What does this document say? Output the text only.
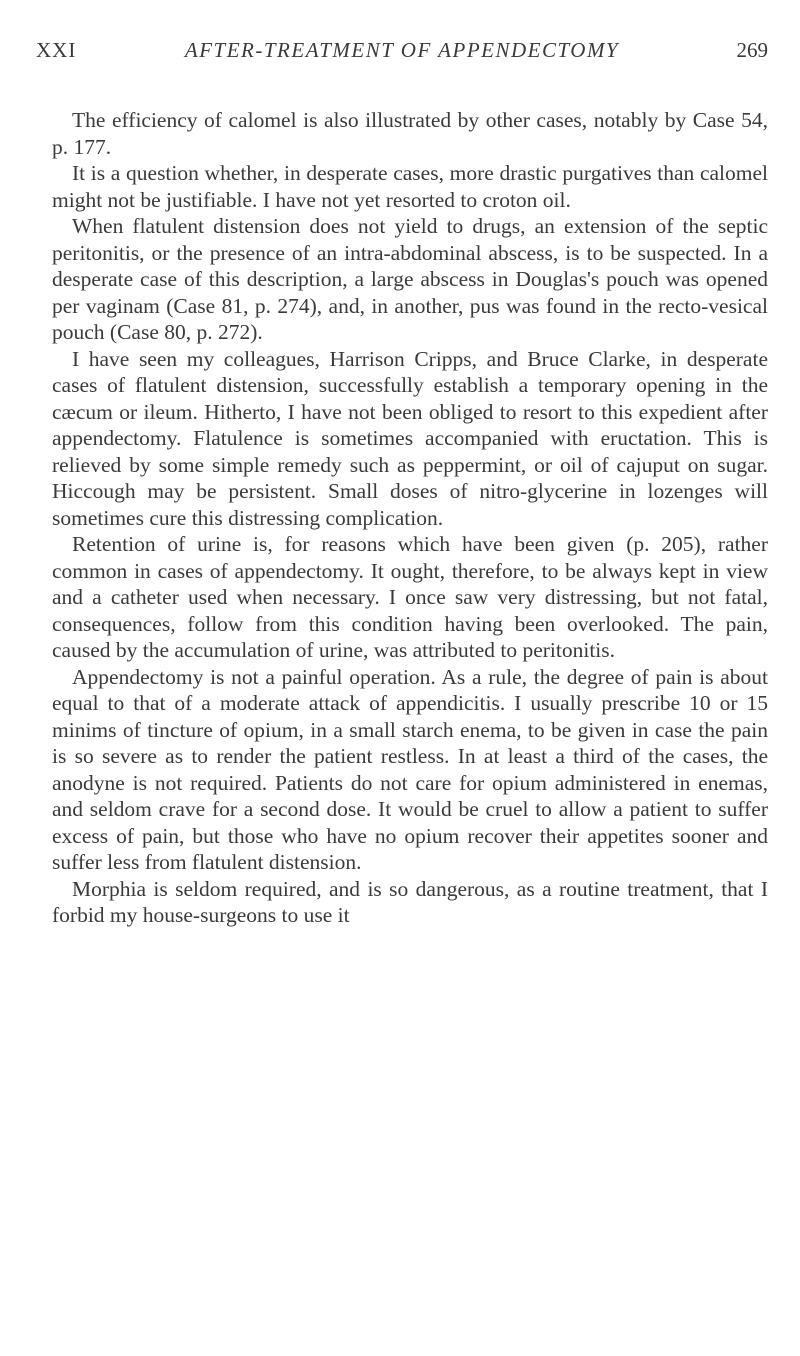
XXI	AFTER-TREATMENT OF APPENDECTOMY	269

The efficiency of calomel is also illustrated by other cases, notably by Case 54, p. 177.

It is a question whether, in desperate cases, more drastic purgatives than calomel might not be justifiable. I have not yet resorted to croton oil.

When flatulent distension does not yield to drugs, an extension of the septic peritonitis, or the presence of an intra-abdominal abscess, is to be suspected. In a desperate case of this description, a large abscess in Douglas's pouch was opened per vaginam (Case 81, p. 274), and, in another, pus was found in the recto-vesical pouch (Case 80, p. 272).

I have seen my colleagues, Harrison Cripps, and Bruce Clarke, in desperate cases of flatulent distension, successfully establish a temporary opening in the cæcum or ileum. Hitherto, I have not been obliged to resort to this expedient after appendectomy. Flatulence is sometimes accompanied with eructation. This is relieved by some simple remedy such as peppermint, or oil of cajuput on sugar. Hiccough may be persistent. Small doses of nitro-glycerine in lozenges will sometimes cure this distressing complication.

Retention of urine is, for reasons which have been given (p. 205), rather common in cases of appendectomy. It ought, therefore, to be always kept in view and a catheter used when necessary. I once saw very distressing, but not fatal, consequences, follow from this condition having been overlooked. The pain, caused by the accumulation of urine, was attributed to peritonitis.

Appendectomy is not a painful operation. As a rule, the degree of pain is about equal to that of a moderate attack of appendicitis. I usually prescribe 10 or 15 minims of tincture of opium, in a small starch enema, to be given in case the pain is so severe as to render the patient restless. In at least a third of the cases, the anodyne is not required. Patients do not care for opium administered in enemas, and seldom crave for a second dose. It would be cruel to allow a patient to suffer excess of pain, but those who have no opium recover their appetites sooner and suffer less from flatulent distension.

Morphia is seldom required, and is so dangerous, as a routine treatment, that I forbid my house-surgeons to use it
